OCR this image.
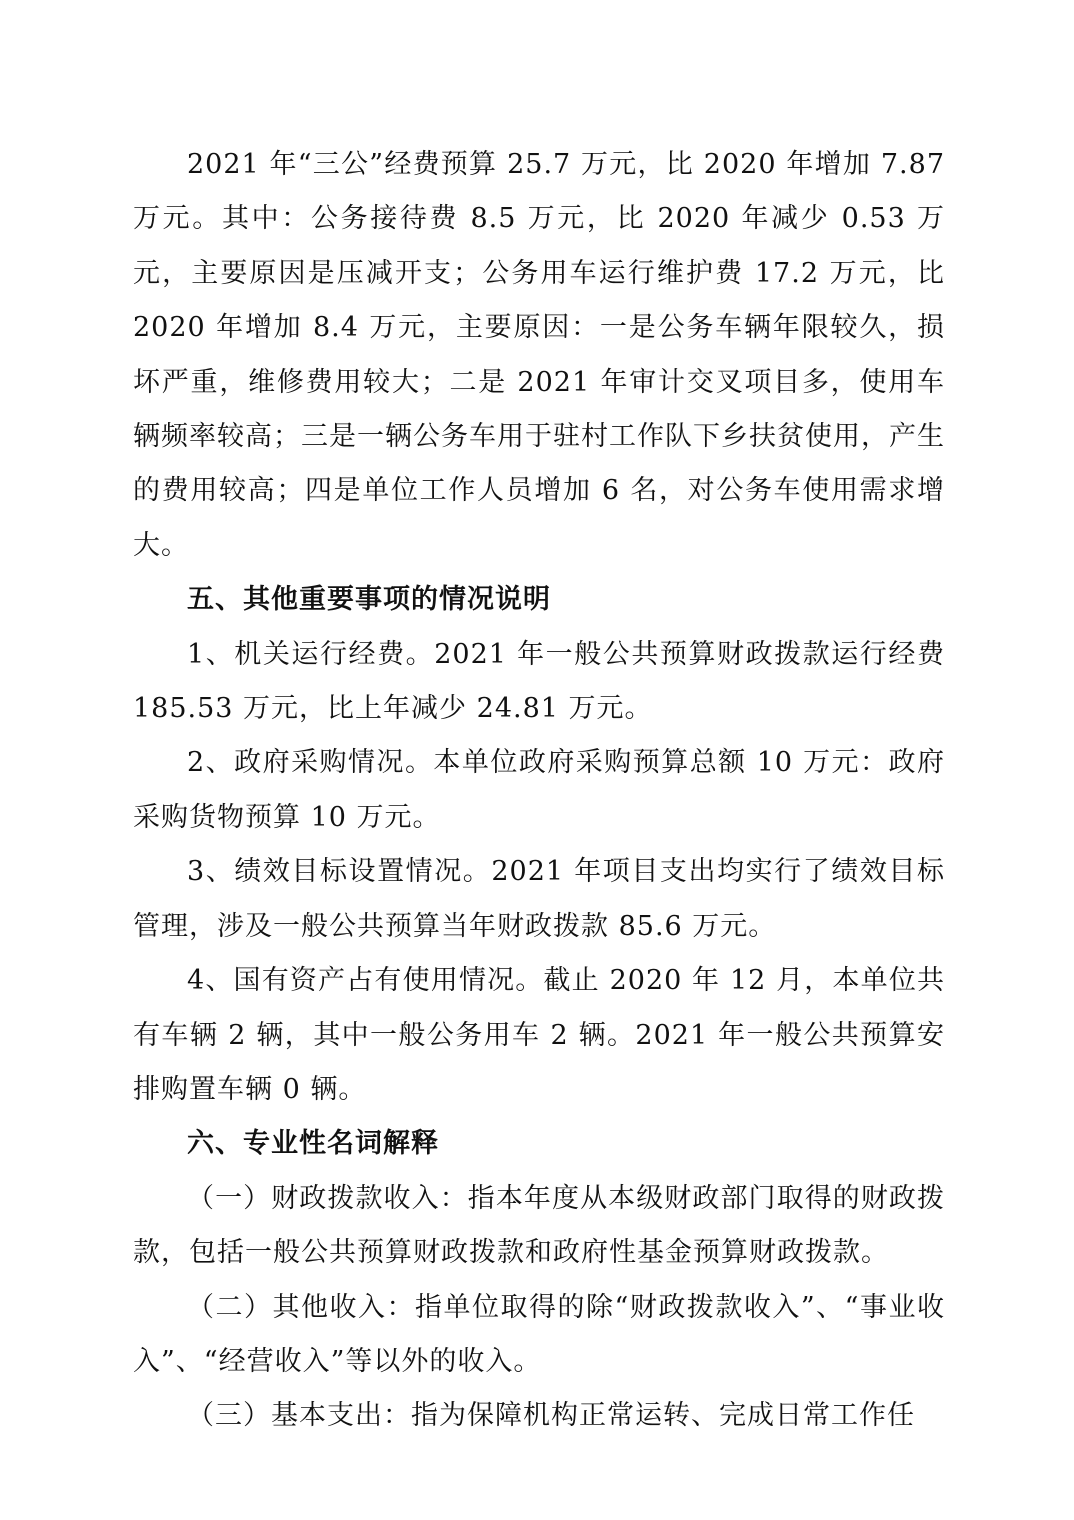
2021 年“三公”经费预算 25.7 万元，比 2020 年增加 7.87 万元。其中：公务接待费 8.5 万元，比 2020 年减少 0.53 万元，主要原因是压减开支；公务用车运行维护费 17.2 万元，比 2020 年增加 8.4 万元，主要原因：一是公务车辆年限较久，损坏严重，维修费用较大；二是 2021 年审计交叉项目多，使用车辆频率较高；三是一辆公务车用于驻村工作队下乡扶贫使用，产生的费用较高；四是单位工作人员增加 6 名，对公务车使用需求增大。

五、其他重要事项的情况说明

1、机关运行经费。2021 年一般公共预算财政拨款运行经费 185.53 万元，比上年减少 24.81 万元。

2、政府采购情况。本单位政府采购预算总额 10 万元：政府采购货物预算 10 万元。

3、绩效目标设置情况。2021 年项目支出均实行了绩效目标管理，涉及一般公共预算当年财政拨款 85.6 万元。

4、国有资产占有使用情况。截止 2020 年 12 月，本单位共有车辆 2 辆，其中一般公务用车 2 辆。2021 年一般公共预算安排购置车辆 0 辆。

六、专业性名词解释

（一）财政拨款收入：指本年度从本级财政部门取得的财政拨款，包括一般公共预算财政拨款和政府性基金预算财政拨款。

（二）其他收入：指单位取得的除“财政拨款收入”、“事业收入”、“经营收入”等以外的收入。

（三）基本支出：指为保障机构正常运转、完成日常工作任
